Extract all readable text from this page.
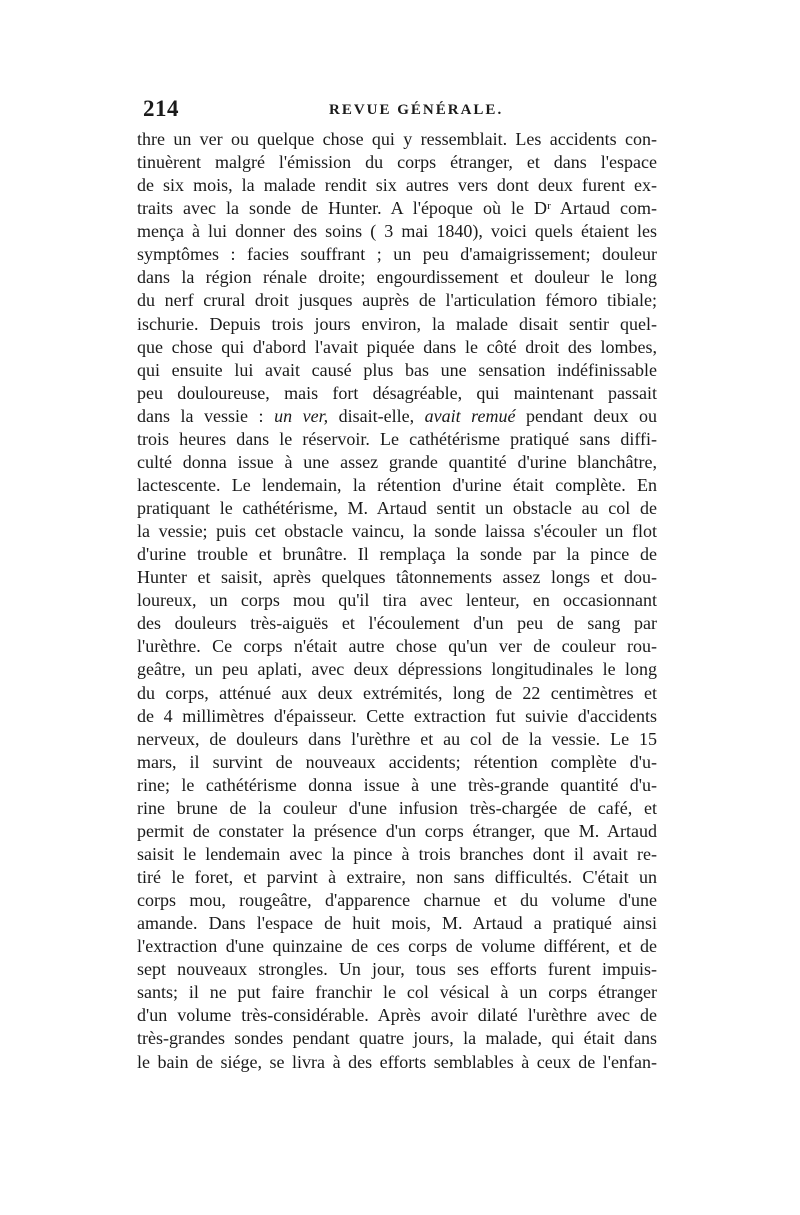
214	REVUE GÉNÉRALE.
thre un ver ou quelque chose qui y ressemblait. Les accidents con-
tinuèrent malgré l'émission du corps étranger, et dans l'espace
de six mois, la malade rendit six autres vers dont deux furent ex-
traits avec la sonde de Hunter. A l'époque où le Dʳ Artaud com-
mença à lui donner des soins ( 3 mai 1840), voici quels étaient les
symptômes : facies souffrant ; un peu d'amaigrissement; douleur
dans la région rénale droite; engourdissement et douleur le long
du nerf crural droit jusques auprès de l'articulation fémoro tibiale;
ischurie. Depuis trois jours environ, la malade disait sentir quel-
que chose qui d'abord l'avait piquée dans le côté droit des lombes,
qui ensuite lui avait causé plus bas une sensation indéfinissable
peu douloureuse, mais fort désagréable, qui maintenant passait
dans la vessie : un ver, disait-elle, avait remué pendant deux ou
trois heures dans le réservoir. Le cathétérisme pratiqué sans diffi-
culté donna issue à une assez grande quantité d'urine blanchâtre,
lactescente. Le lendemain, la rétention d'urine était complète. En
pratiquant le cathétérisme, M. Artaud sentit un obstacle au col de
la vessie; puis cet obstacle vaincu, la sonde laissa s'écouler un flot
d'urine trouble et brunâtre. Il remplaça la sonde par la pince de
Hunter et saisit, après quelques tâtonnements assez longs et dou-
loureux, un corps mou qu'il tira avec lenteur, en occasionnant
des douleurs très-aiguës et l'écoulement d'un peu de sang par
l'urèthre. Ce corps n'était autre chose qu'un ver de couleur rou-
geâtre, un peu aplati, avec deux dépressions longitudinales le long
du corps, atténué aux deux extrémités, long de 22 centimètres et
de 4 millimètres d'épaisseur. Cette extraction fut suivie d'accidents
nerveux, de douleurs dans l'urèthre et au col de la vessie. Le 15
mars, il survint de nouveaux accidents; rétention complète d'u-
rine; le cathétérisme donna issue à une très-grande quantité d'u-
rine brune de la couleur d'une infusion très-chargée de café, et
permit de constater la présence d'un corps étranger, que M. Artaud
saisit le lendemain avec la pince à trois branches dont il avait re-
tiré le foret, et parvint à extraire, non sans difficultés. C'était un
corps mou, rougeâtre, d'apparence charnue et du volume d'une
amande. Dans l'espace de huit mois, M. Artaud a pratiqué ainsi
l'extraction d'une quinzaine de ces corps de volume différent, et de
sept nouveaux strongles. Un jour, tous ses efforts furent impuis-
sants; il ne put faire franchir le col vésical à un corps étranger
d'un volume très-considérable. Après avoir dilaté l'urèthre avec de
très-grandes sondes pendant quatre jours, la malade, qui était dans
le bain de siége, se livra à des efforts semblables à ceux de l'enfan-
